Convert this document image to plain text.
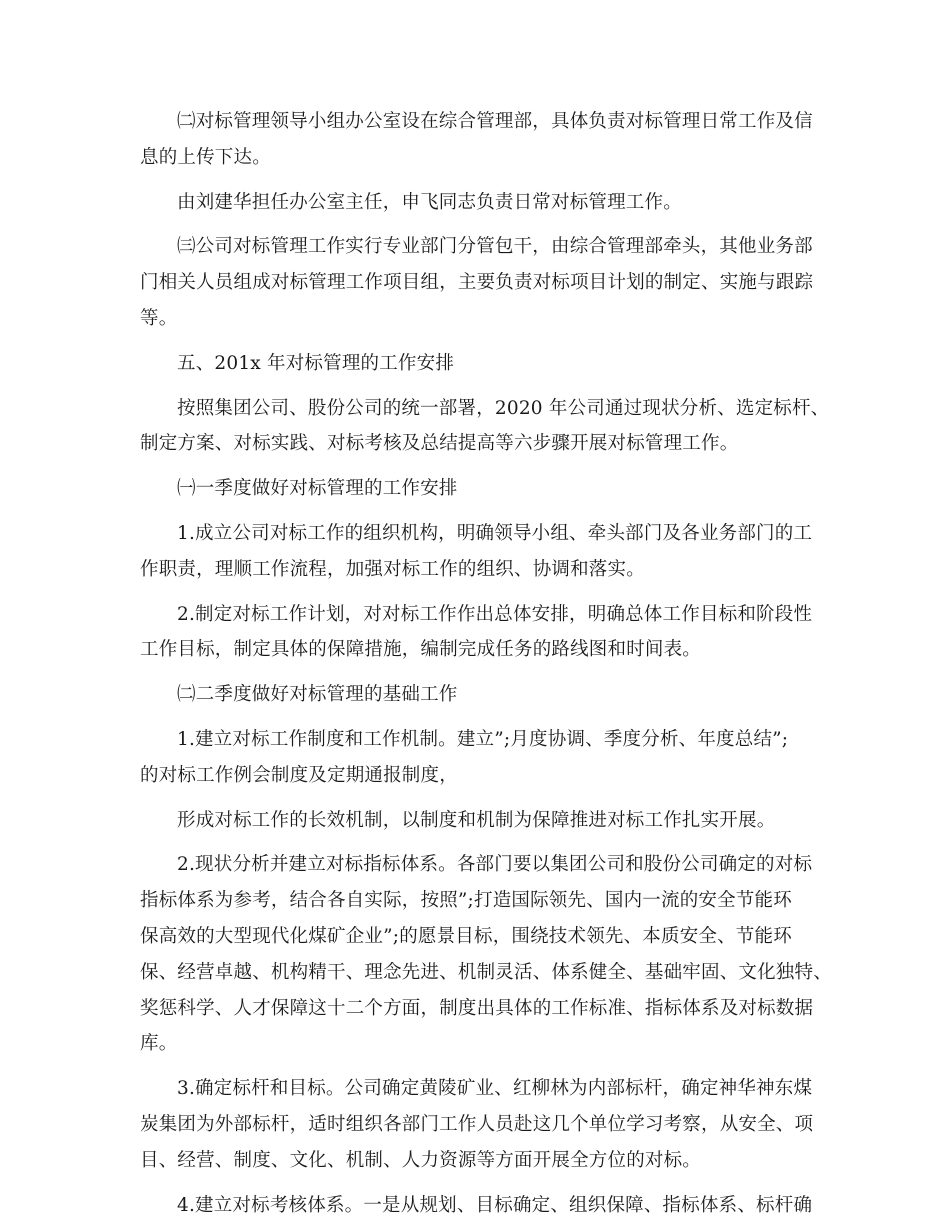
㈡对标管理领导小组办公室设在综合管理部，具体负责对标管理日常工作及信
息的上传下达。
由刘建华担任办公室主任，申飞同志负责日常对标管理工作。
㈢公司对标管理工作实行专业部门分管包干，由综合管理部牵头，其他业务部
门相关人员组成对标管理工作项目组，主要负责对标项目计划的制定、实施与跟踪
等。
五、201x 年对标管理的工作安排
按照集团公司、股份公司的统一部署，2020 年公司通过现状分析、选定标杆、
制定方案、对标实践、对标考核及总结提高等六步骤开展对标管理工作。
㈠一季度做好对标管理的工作安排
1.成立公司对标工作的组织机构，明确领导小组、牵头部门及各业务部门的工
作职责，理顺工作流程，加强对标工作的组织、协调和落实。
2.制定对标工作计划，对对标工作作出总体安排，明确总体工作目标和阶段性
工作目标，制定具体的保障措施，编制完成任务的路线图和时间表。
㈡二季度做好对标管理的基础工作
1.建立对标工作制度和工作机制。建立”;月度协调、季度分析、年度总结”;
的对标工作例会制度及定期通报制度，
形成对标工作的长效机制，以制度和机制为保障推进对标工作扎实开展。
2.现状分析并建立对标指标体系。各部门要以集团公司和股份公司确定的对标
指标体系为参考，结合各自实际，按照”;打造国际领先、国内一流的安全节能环
保高效的大型现代化煤矿企业”;的愿景目标，围绕技术领先、本质安全、节能环
保、经营卓越、机构精干、理念先进、机制灵活、体系健全、基础牢固、文化独特、
奖惩科学、人才保障这十二个方面，制度出具体的工作标准、指标体系及对标数据
库。
3.确定标杆和目标。公司确定黄陵矿业、红柳林为内部标杆，确定神华神东煤
炭集团为外部标杆，适时组织各部门工作人员赴这几个单位学习考察，从安全、项
目、经营、制度、文化、机制、人力资源等方面开展全方位的对标。
4.建立对标考核体系。一是从规划、目标确定、组织保障、指标体系、标杆确
